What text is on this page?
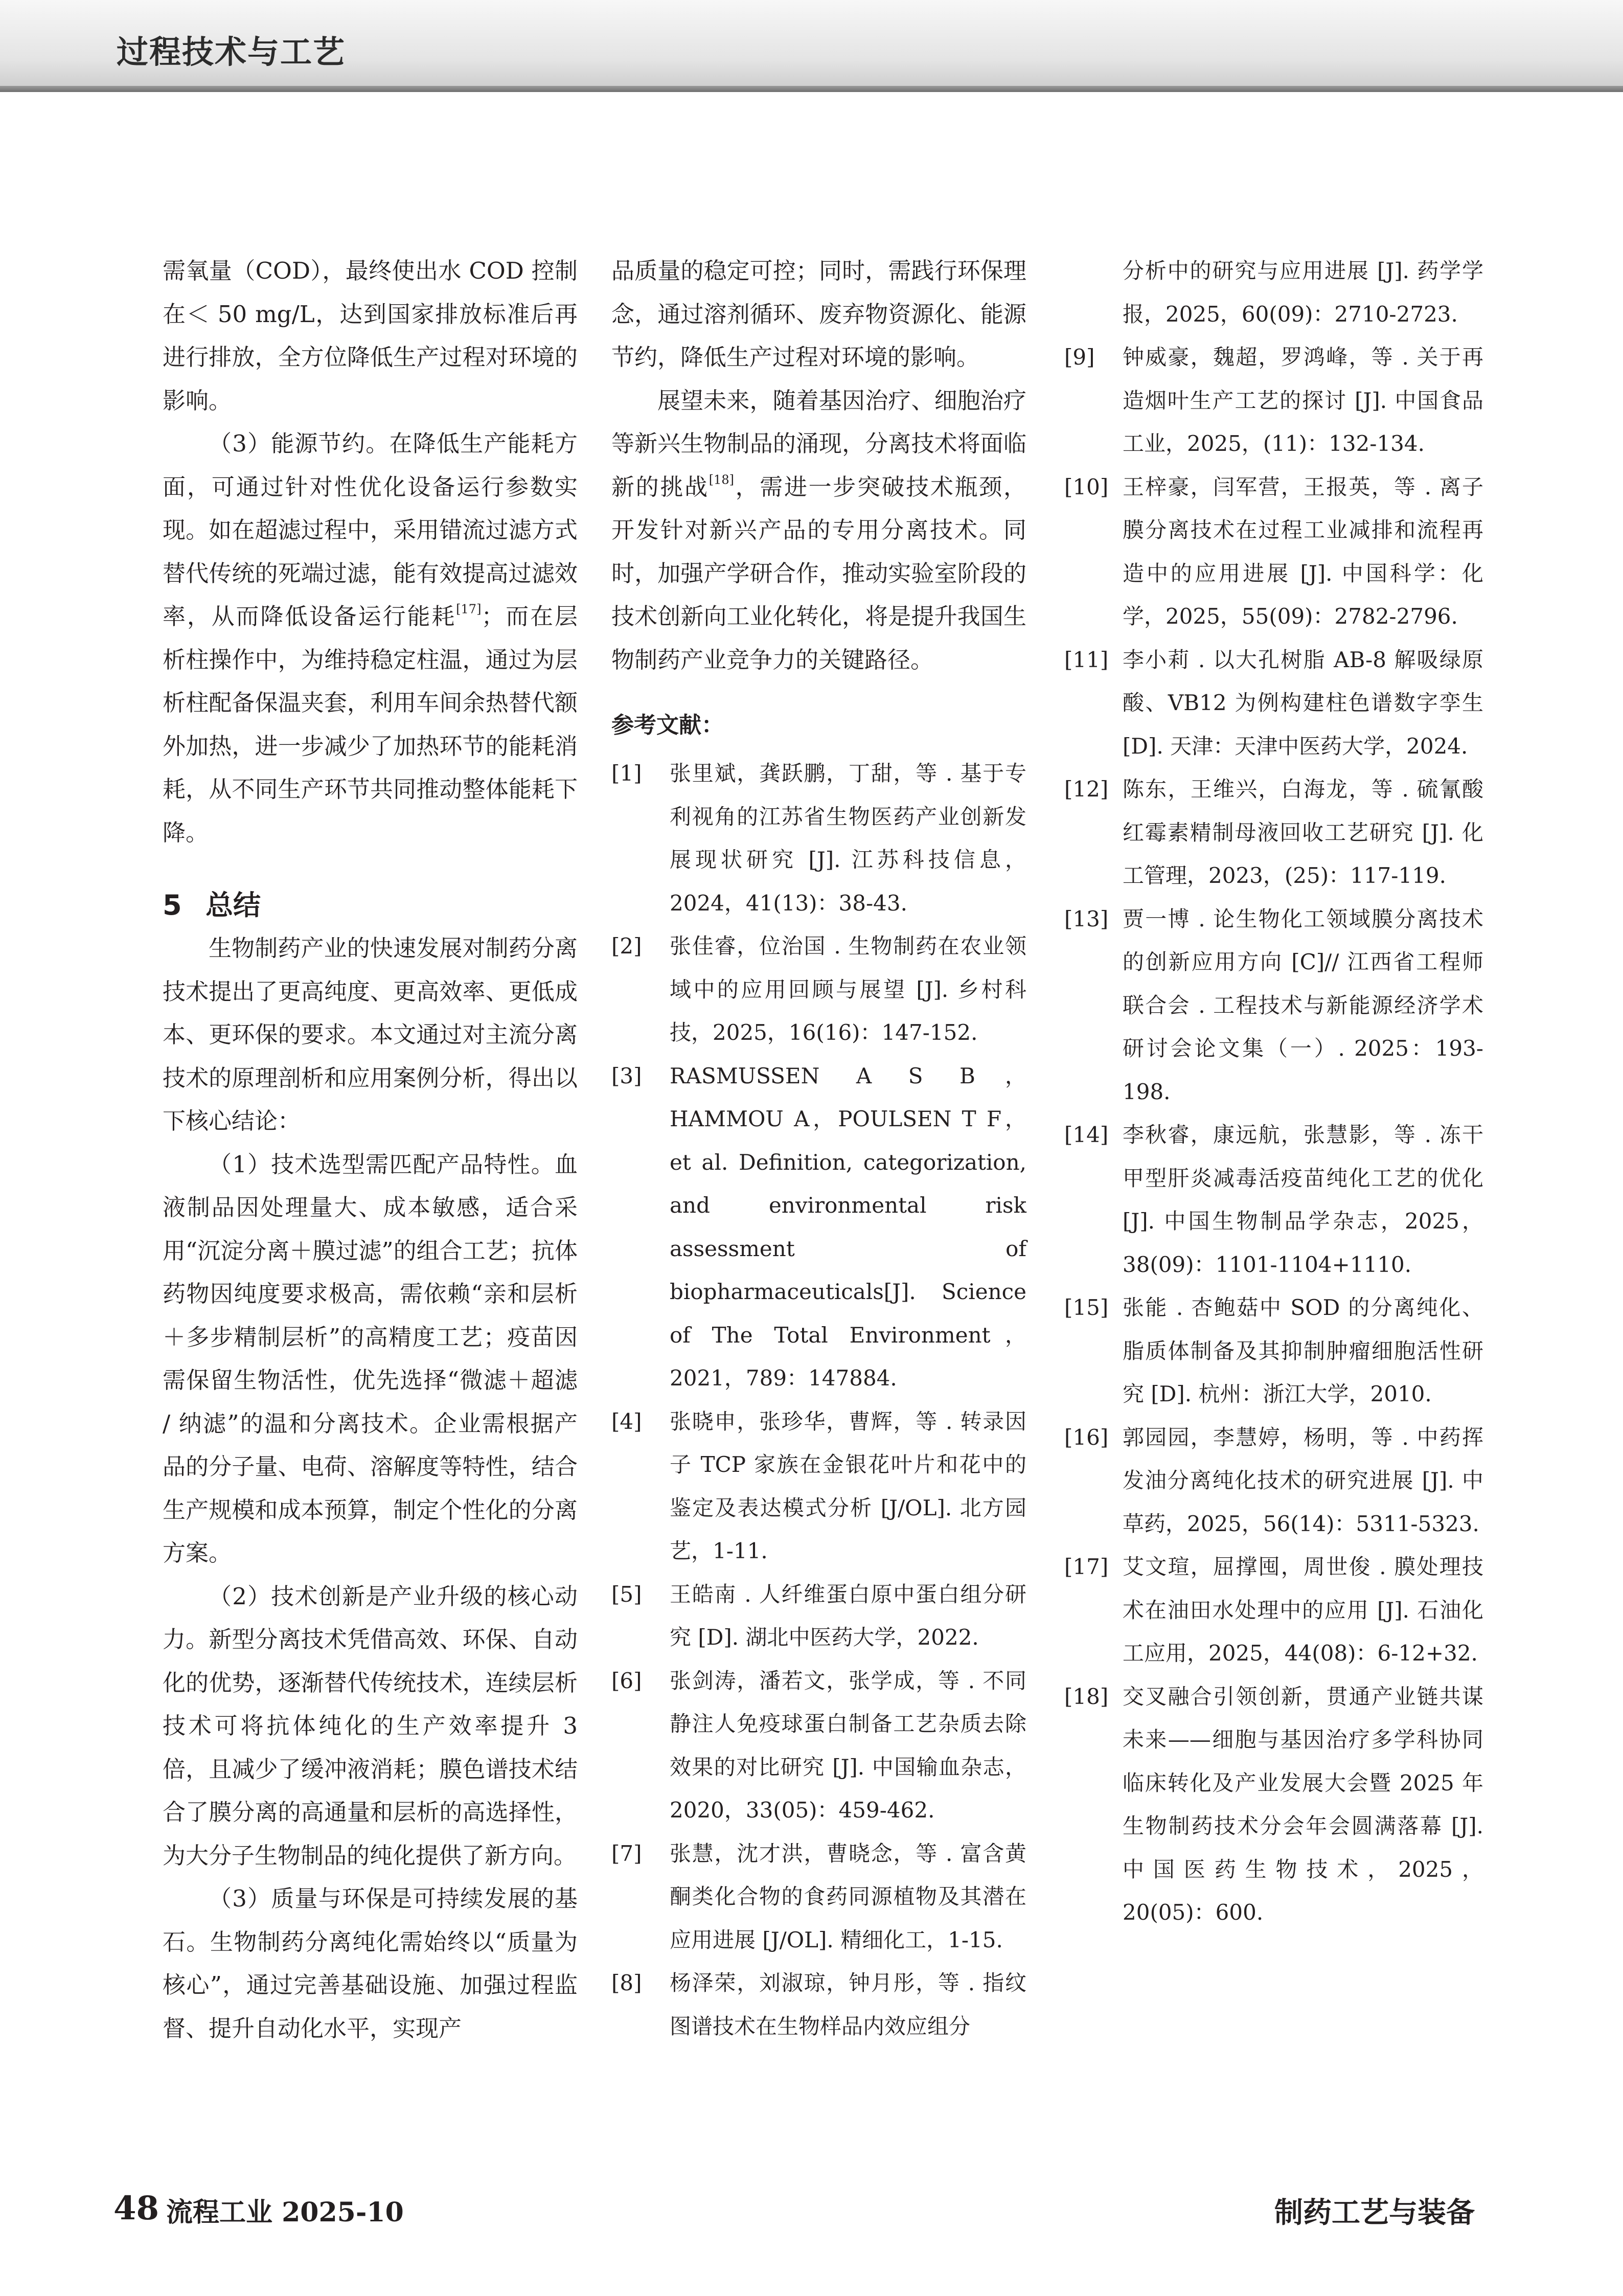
过程技术与工艺

需氧量（COD），最终使出水 COD 控制在＜ 50 mg/L，达到国家排放标准后再进行排放，全方位降低生产过程对环境的影响。

（3）能源节约。在降低生产能耗方面，可通过针对性优化设备运行参数实现。如在超滤过程中，采用错流过滤方式替代传统的死端过滤，能有效提高过滤效率，从而降低设备运行能耗[17]；而在层析柱操作中，为维持稳定柱温，通过为层析柱配备保温夹套，利用车间余热替代额外加热，进一步减少了加热环节的能耗消耗，从不同生产环节共同推动整体能耗下降。

5 总结

生物制药产业的快速发展对制药分离技术提出了更高纯度、更高效率、更低成本、更环保的要求。本文通过对主流分离技术的原理剖析和应用案例分析，得出以下核心结论：

（1）技术选型需匹配产品特性。血液制品因处理量大、成本敏感，适合采用“沉淀分离＋膜过滤”的组合工艺；抗体药物因纯度要求极高，需依赖“亲和层析＋多步精制层析”的高精度工艺；疫苗因需保留生物活性，优先选择“微滤＋超滤 / 纳滤”的温和分离技术。企业需根据产品的分子量、电荷、溶解度等特性，结合生产规模和成本预算，制定个性化的分离方案。

（2）技术创新是产业升级的核心动力。新型分离技术凭借高效、环保、自动化的优势，逐渐替代传统技术，连续层析技术可将抗体纯化的生产效率提升 3 倍，且减少了缓冲液消耗；膜色谱技术结合了膜分离的高通量和层析的高选择性，为大分子生物制品的纯化提供了新方向。

（3）质量与环保是可持续发展的基石。生物制药分离纯化需始终以“质量为核心”，通过完善基础设施、加强过程监督、提升自动化水平，实现产

品质量的稳定可控；同时，需践行环保理念，通过溶剂循环、废弃物资源化、能源节约，降低生产过程对环境的影响。

展望未来，随着基因治疗、细胞治疗等新兴生物制品的涌现，分离技术将面临新的挑战[18]，需进一步突破技术瓶颈，开发针对新兴产品的专用分离技术。同时，加强产学研合作，推动实验室阶段的技术创新向工业化转化，将是提升我国生物制药产业竞争力的关键路径。

参考文献：
[1]	张里斌，龚跃鹏，丁甜，等 . 基于专利视角的江苏省生物医药产业创新发展现状研究 [J]. 江苏科技信息，2024，41(13)：38-43.
[2]	张佳睿，位治国 . 生物制药在农业领域中的应用回顾与展望 [J]. 乡村科技，2025，16(16)：147-152.
[3]	RASMUSSEN A S B， HAMMOU A，POULSEN T F，et al. Definition, categorization, and environmental risk assessment of biopharmaceuticals[J]. Science of The Total Environment，2021，789：147884.
[4]	张晓申，张珍华，曹辉，等 . 转录因子 TCP 家族在金银花叶片和花中的鉴定及表达模式分析 [J/OL]. 北方园艺，1-11.
[5]	王皓南 . 人纤维蛋白原中蛋白组分研究 [D]. 湖北中医药大学，2022.
[6]	张剑涛，潘若文，张学成，等 . 不同静注人免疫球蛋白制备工艺杂质去除效果的对比研究 [J]. 中国输血杂志，2020，33(05)：459-462.
[7]	张慧，沈才洪，曹晓念，等 . 富含黄酮类化合物的食药同源植物及其潜在应用进展 [J/OL]. 精细化工，1-15.
[8]	杨泽荣，刘淑琼，钟月彤，等 . 指纹图谱技术在生物样品内效应组分
分析中的研究与应用进展 [J]. 药学学报，2025，60(09)：2710-2723.
[9]	钟威豪，魏超，罗鸿峰，等 . 关于再造烟叶生产工艺的探讨 [J]. 中国食品工业，2025，(11)：132-134.
[10] 王梓豪，闫军营，王报英，等 . 离子膜分离技术在过程工业减排和流程再造中的应用进展 [J]. 中国科学：化学，2025，55(09)：2782-2796.
[11] 李小莉 . 以大孔树脂 AB-8 解吸绿原酸、VB12 为例构建柱色谱数字孪生 [D]. 天津：天津中医药大学，2024.
[12] 陈东，王维兴，白海龙，等 . 硫氰酸红霉素精制母液回收工艺研究 [J]. 化工管理，2023，(25)：117-119.
[13] 贾一博 . 论生物化工领域膜分离技术的创新应用方向 [C]// 江西省工程师联合会 . 工程技术与新能源经济学术研讨会论文集（一）. 2025：193-198.
[14] 李秋睿，康远航，张慧影，等 . 冻干甲型肝炎减毒活疫苗纯化工艺的优化 [J]. 中国生物制品学杂志，2025，38(09)：1101-1104+1110.
[15] 张能 . 杏鲍菇中 SOD 的分离纯化、脂质体制备及其抑制肿瘤细胞活性研究 [D]. 杭州：浙江大学，2010.
[16] 郭园园，李慧婷，杨明，等 . 中药挥发油分离纯化技术的研究进展 [J]. 中草药，2025，56(14)：5311-5323.
[17] 艾文瑄，屈撑囤，周世俊 . 膜处理技术在油田水处理中的应用 [J]. 石油化工应用，2025，44(08)：6-12+32.
[18] 交叉融合引领创新，贯通产业链共谋未来——细胞与基因治疗多学科协同临床转化及产业发展大会暨 2025 年生物制药技术分会年会圆满落幕 [J]. 中国医药生物技术，2025，20(05)：600.
48 流程工业 2025-10	制药工艺与装备
